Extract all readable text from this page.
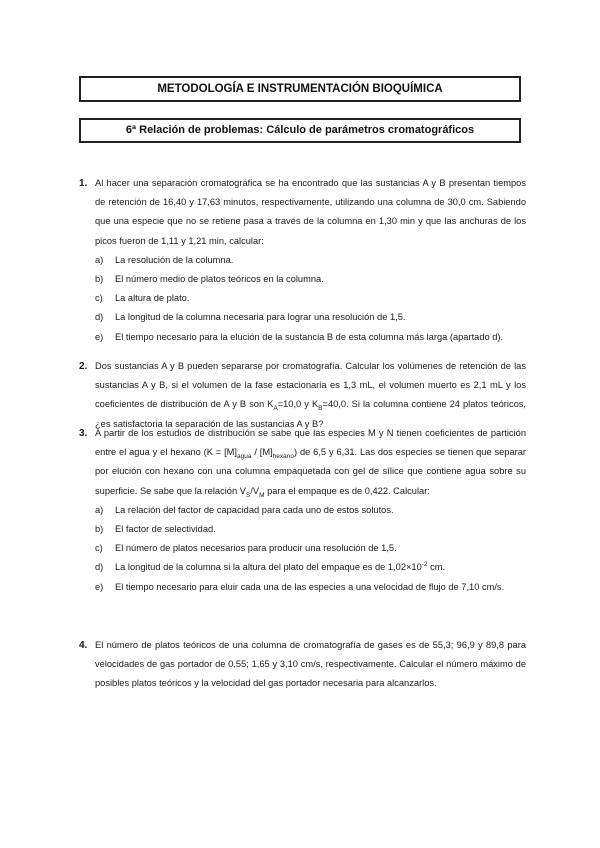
METODOLOGÍA E INSTRUMENTACIÓN BIOQUÍMICA
6ª Relación de problemas: Cálculo de parámetros cromatográficos
1. Al hacer una separación cromatográfica se ha encontrado que las sustancias A y B presentan tiempos de retención de 16,40 y 17,63 minutos, respectivamente, utilizando una columna de 30,0 cm. Sabiendo que una especie que no se retiene pasa a través de la columna en 1,30 min y que las anchuras de los picos fueron de 1,11 y 1,21 min, calcular:
a) La resolución de la columna.
b) El número medio de platos teóricos en la columna.
c) La altura de plato.
d) La longitud de la columna necesaria para lograr una resolución de 1,5.
e) El tiempo necesario para la elución de la sustancia B de esta columna más larga (apartado d).
2. Dos sustancias A y B pueden separarse por cromatografía. Calcular los volúmenes de retención de las sustancias A y B, si el volumen de la fase estacionaria es 1,3 mL, el volumen muerto es 2,1 mL y los coeficientes de distribución de A y B son $K_A=10,0$ y $K_B=40,0$. Si la columna contiene 24 platos teóricos, ¿es satisfactoria la separación de las sustancias A y B?
3. A partir de los estudios de distribución se sabe que las especies M y N tienen coeficientes de partición entre el agua y el hexano $(K = [M]_{agua} / [M]_{hexano})$ de 6,5 y 6,31. Las dos especies se tienen que separar por elución con hexano con una columna empaquetada con gel de sílice que contiene agua sobre su superficie. Se sabe que la relación $V_S/V_M$ para el empaque es de 0,422. Calcular:
a) La relación del factor de capacidad para cada uno de estos solutos.
b) El factor de selectividad.
c) El número de platos necesarios para producir una resolución de 1,5.
d) La longitud de la columna si la altura del plato del empaque es de $1,02\times 10^{-2}$ cm.
e) El tiempo necesario para eluir cada una de las especies a una velocidad de flujo de 7,10 cm/s.
4. El número de platos teóricos de una columna de cromatografía de gases es de 55,3; 96,9 y 89,8 para velocidades de gas portador de 0,55; 1,65 y 3,10 cm/s, respectivamente. Calcular el número máximo de posibles platos teóricos y la velocidad del gas portador necesaria para alcanzarlos.
